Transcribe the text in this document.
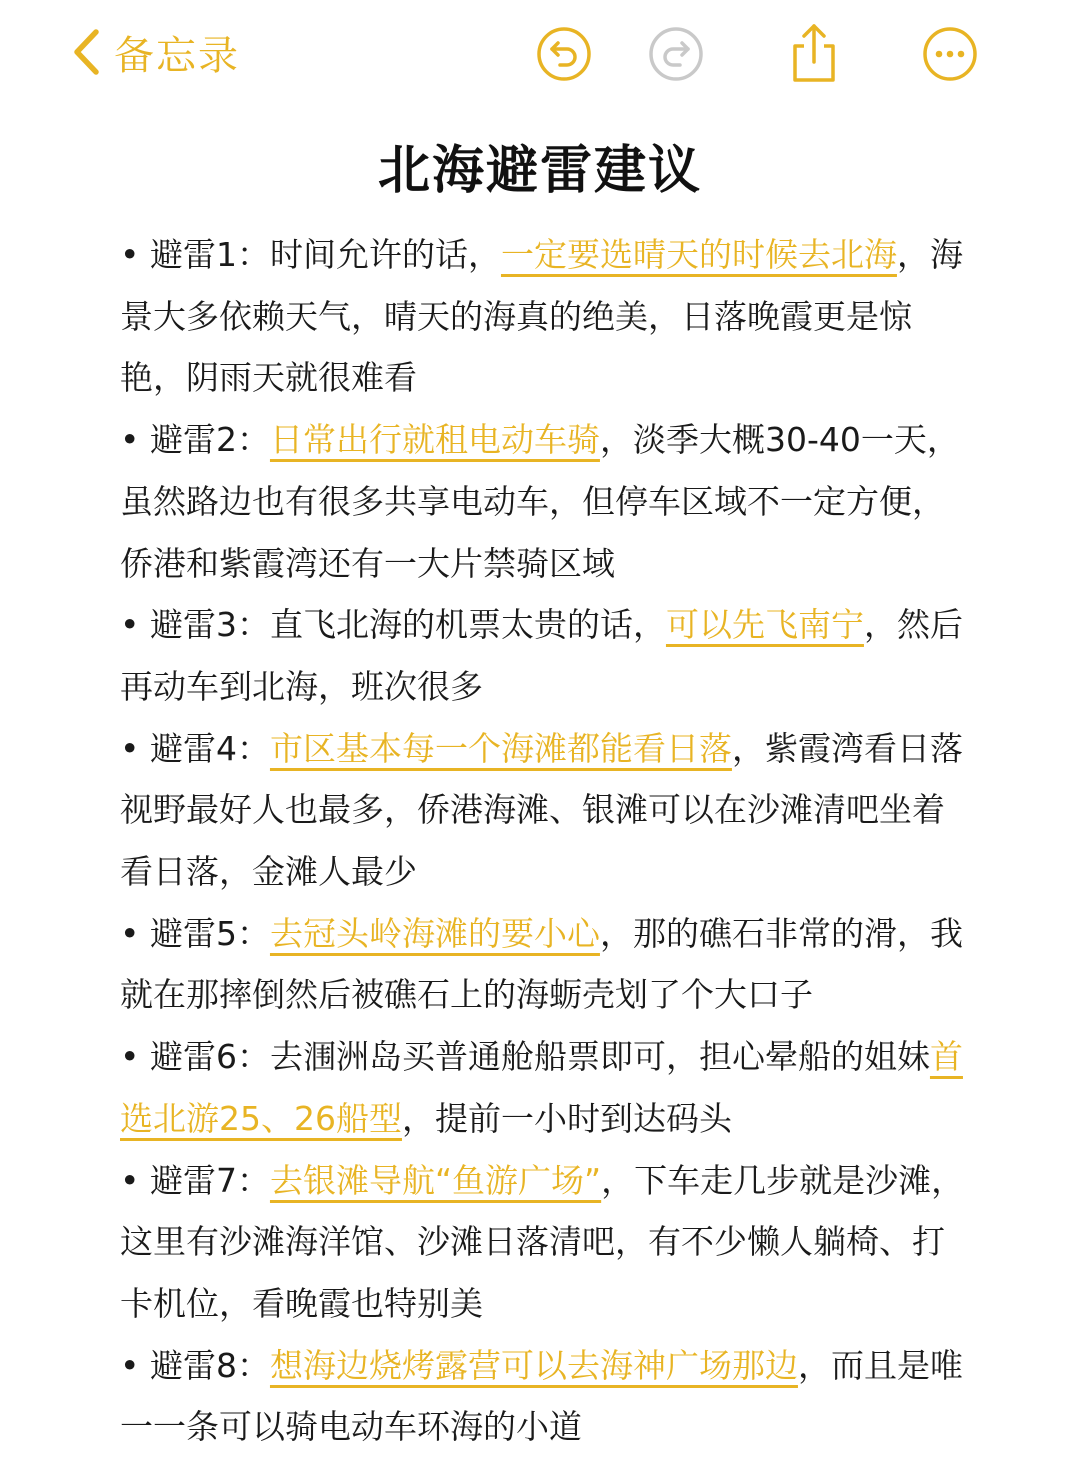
备忘录
北海避雷建议

• 避雷1：时间允许的话，一定要选晴天的时候去北海，海景大多依赖天气，晴天的海真的绝美，日落晚霞更是惊艳，阴雨天就很难看

• 避雷2：日常出行就租电动车骑，淡季大概30-40一天，虽然路边也有很多共享电动车，但停车区域不一定方便，侨港和紫霞湾还有一大片禁骑区域

• 避雷3：直飞北海的机票太贵的话，可以先飞南宁，然后再动车到北海，班次很多

• 避雷4：市区基本每一个海滩都能看日落，紫霞湾看日落视野最好人也最多，侨港海滩、银滩可以在沙滩清吧坐着看日落，金滩人最少

• 避雷5：去冠头岭海滩的要小心，那的礁石非常的滑，我就在那摔倒然后被礁石上的海蛎壳划了个大口子

• 避雷6：去涠洲岛买普通舱船票即可，担心晕船的姐妹首选北游25、26船型，提前一小时到达码头

• 避雷7：去银滩导航“鱼游广场”，下车走几步就是沙滩，这里有沙滩海洋馆、沙滩日落清吧，有不少懒人躺椅、打卡机位，看晚霞也特别美

• 避雷8：想海边烧烤露营可以去海神广场那边，而且是唯一一条可以骑电动车环海的小道
